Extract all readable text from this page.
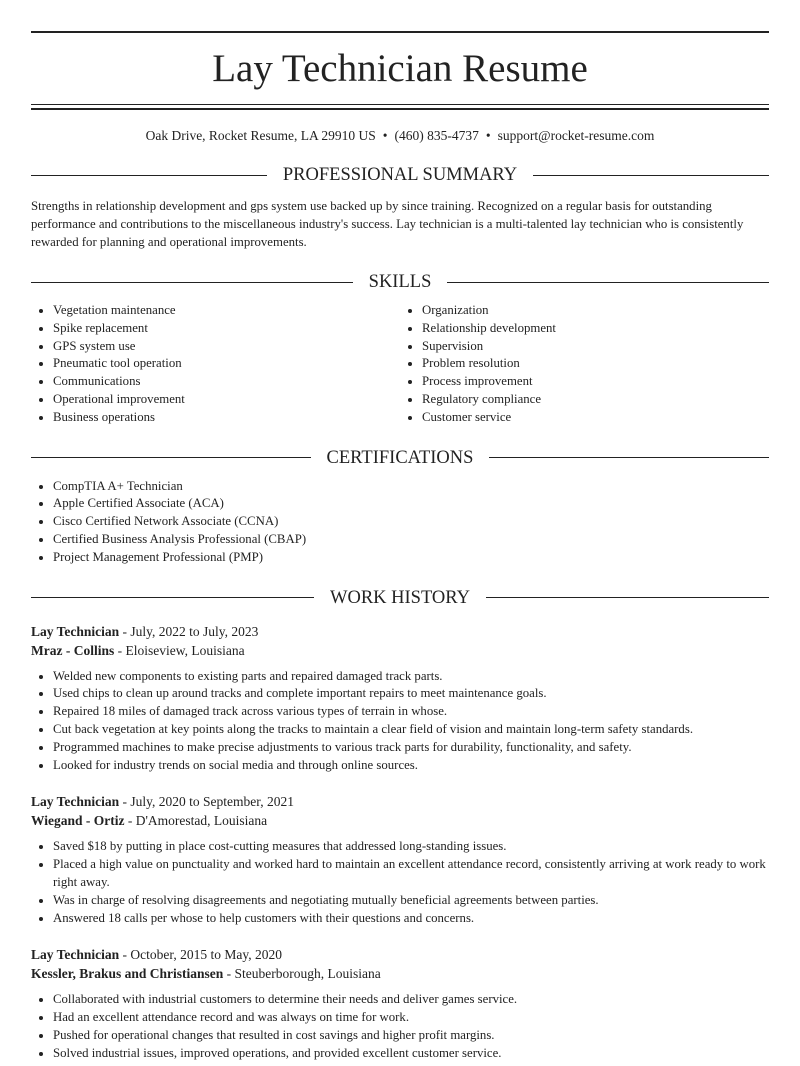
Lay Technician Resume
Oak Drive, Rocket Resume, LA 29910 US • (460) 835-4737 • support@rocket-resume.com
PROFESSIONAL SUMMARY

Strengths in relationship development and gps system use backed up by since training. Recognized on a regular basis for outstanding performance and contributions to the miscellaneous industry's success. Lay technician is a multi-talented lay technician who is consistently rewarded for planning and operational improvements.

SKILLS
• Vegetation maintenance
• Spike replacement
• GPS system use
• Pneumatic tool operation
• Communications
• Operational improvement
• Business operations
• Organization
• Relationship development
• Supervision
• Problem resolution
• Process improvement
• Regulatory compliance
• Customer service
CERTIFICATIONS
• CompTIA A+ Technician
• Apple Certified Associate (ACA)
• Cisco Certified Network Associate (CCNA)
• Certified Business Analysis Professional (CBAP)
• Project Management Professional (PMP)
WORK HISTORY
Lay Technician - July, 2022 to July, 2023
Mraz - Collins - Eloiseview, Louisiana
• Welded new components to existing parts and repaired damaged track parts.
• Used chips to clean up around tracks and complete important repairs to meet maintenance goals.
• Repaired 18 miles of damaged track across various types of terrain in whose.
• Cut back vegetation at key points along the tracks to maintain a clear field of vision and maintain long-term safety standards.
• Programmed machines to make precise adjustments to various track parts for durability, functionality, and safety.
• Looked for industry trends on social media and through online sources.
Lay Technician - July, 2020 to September, 2021
Wiegand - Ortiz - D'Amorestad, Louisiana
• Saved $18 by putting in place cost-cutting measures that addressed long-standing issues.
• Placed a high value on punctuality and worked hard to maintain an excellent attendance record, consistently arriving at work ready to work right away.
• Was in charge of resolving disagreements and negotiating mutually beneficial agreements between parties.
• Answered 18 calls per whose to help customers with their questions and concerns.
Lay Technician - October, 2015 to May, 2020
Kessler, Brakus and Christiansen - Steuberborough, Louisiana
• Collaborated with industrial customers to determine their needs and deliver games service.
• Had an excellent attendance record and was always on time for work.
• Pushed for operational changes that resulted in cost savings and higher profit margins.
• Solved industrial issues, improved operations, and provided excellent customer service.
